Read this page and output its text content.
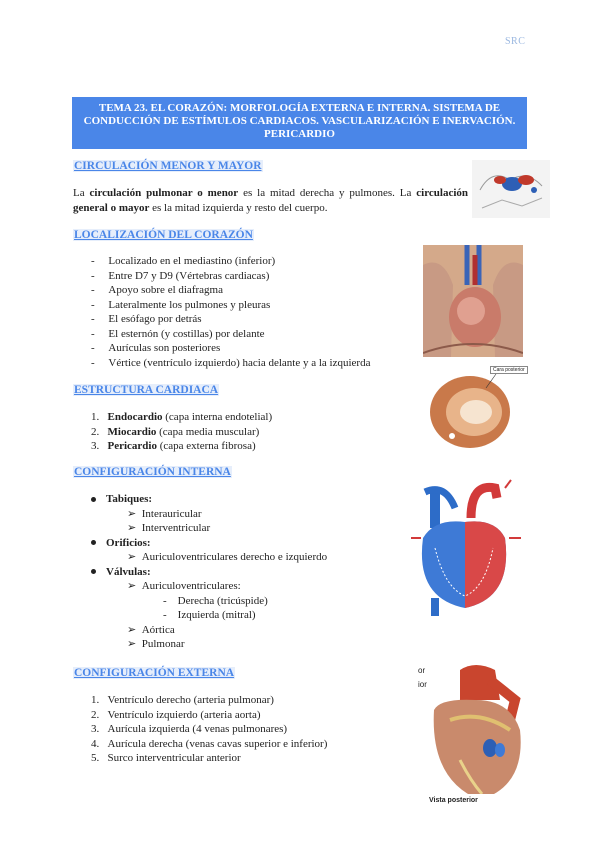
SRC
TEMA 23. EL CORAZÓN: MORFOLOGÍA EXTERNA E INTERNA. SISTEMA DE CONDUCCIÓN DE ESTÍMULOS CARDIACOS. VASCULARIZACIÓN E INERVACIÓN. PERICARDIO
CIRCULACIÓN MENOR Y MAYOR
La circulación pulmonar o menor es la mitad derecha y pulmones. La circulación general o mayor es la mitad izquierda y resto del cuerpo.
LOCALIZACIÓN DEL CORAZÓN
-     Localizado en el mediastino (inferior)
-     Entre D7 y D9 (Vértebras cardiacas)
-     Apoyo sobre el diafragma
-     Lateralmente los pulmones y pleuras
-     El esófago por detrás
-     El esternón (y costillas) por delante
-     Aurículas son posteriores
-     Vértice (ventrículo izquierdo) hacia delante y a la izquierda
ESTRUCTURA CARDIACA
1. Endocardio (capa interna endotelial)
2. Miocardio (capa media muscular)
3. Pericardio (capa externa fibrosa)
Cara posterior
CONFIGURACIÓN INTERNA
Tabiques:
➢  Interauricular
➢  Interventricular
Orificios:
➢  Auriculoventriculares derecho e izquierdo
Válvulas:
➢  Auriculoventriculares:
-    Derecha (tricúspide)
-    Izquierda (mitral)
➢  Aórtica
➢  Pulmonar
CONFIGURACIÓN EXTERNA
1. Ventrículo derecho (arteria pulmonar)
2. Ventrículo izquierdo (arteria aorta)
3. Aurícula izquierda (4 venas pulmonares)
4. Aurícula derecha (venas cavas superior e inferior)
5. Surco interventricular anterior
Vista posterior
or
ior
